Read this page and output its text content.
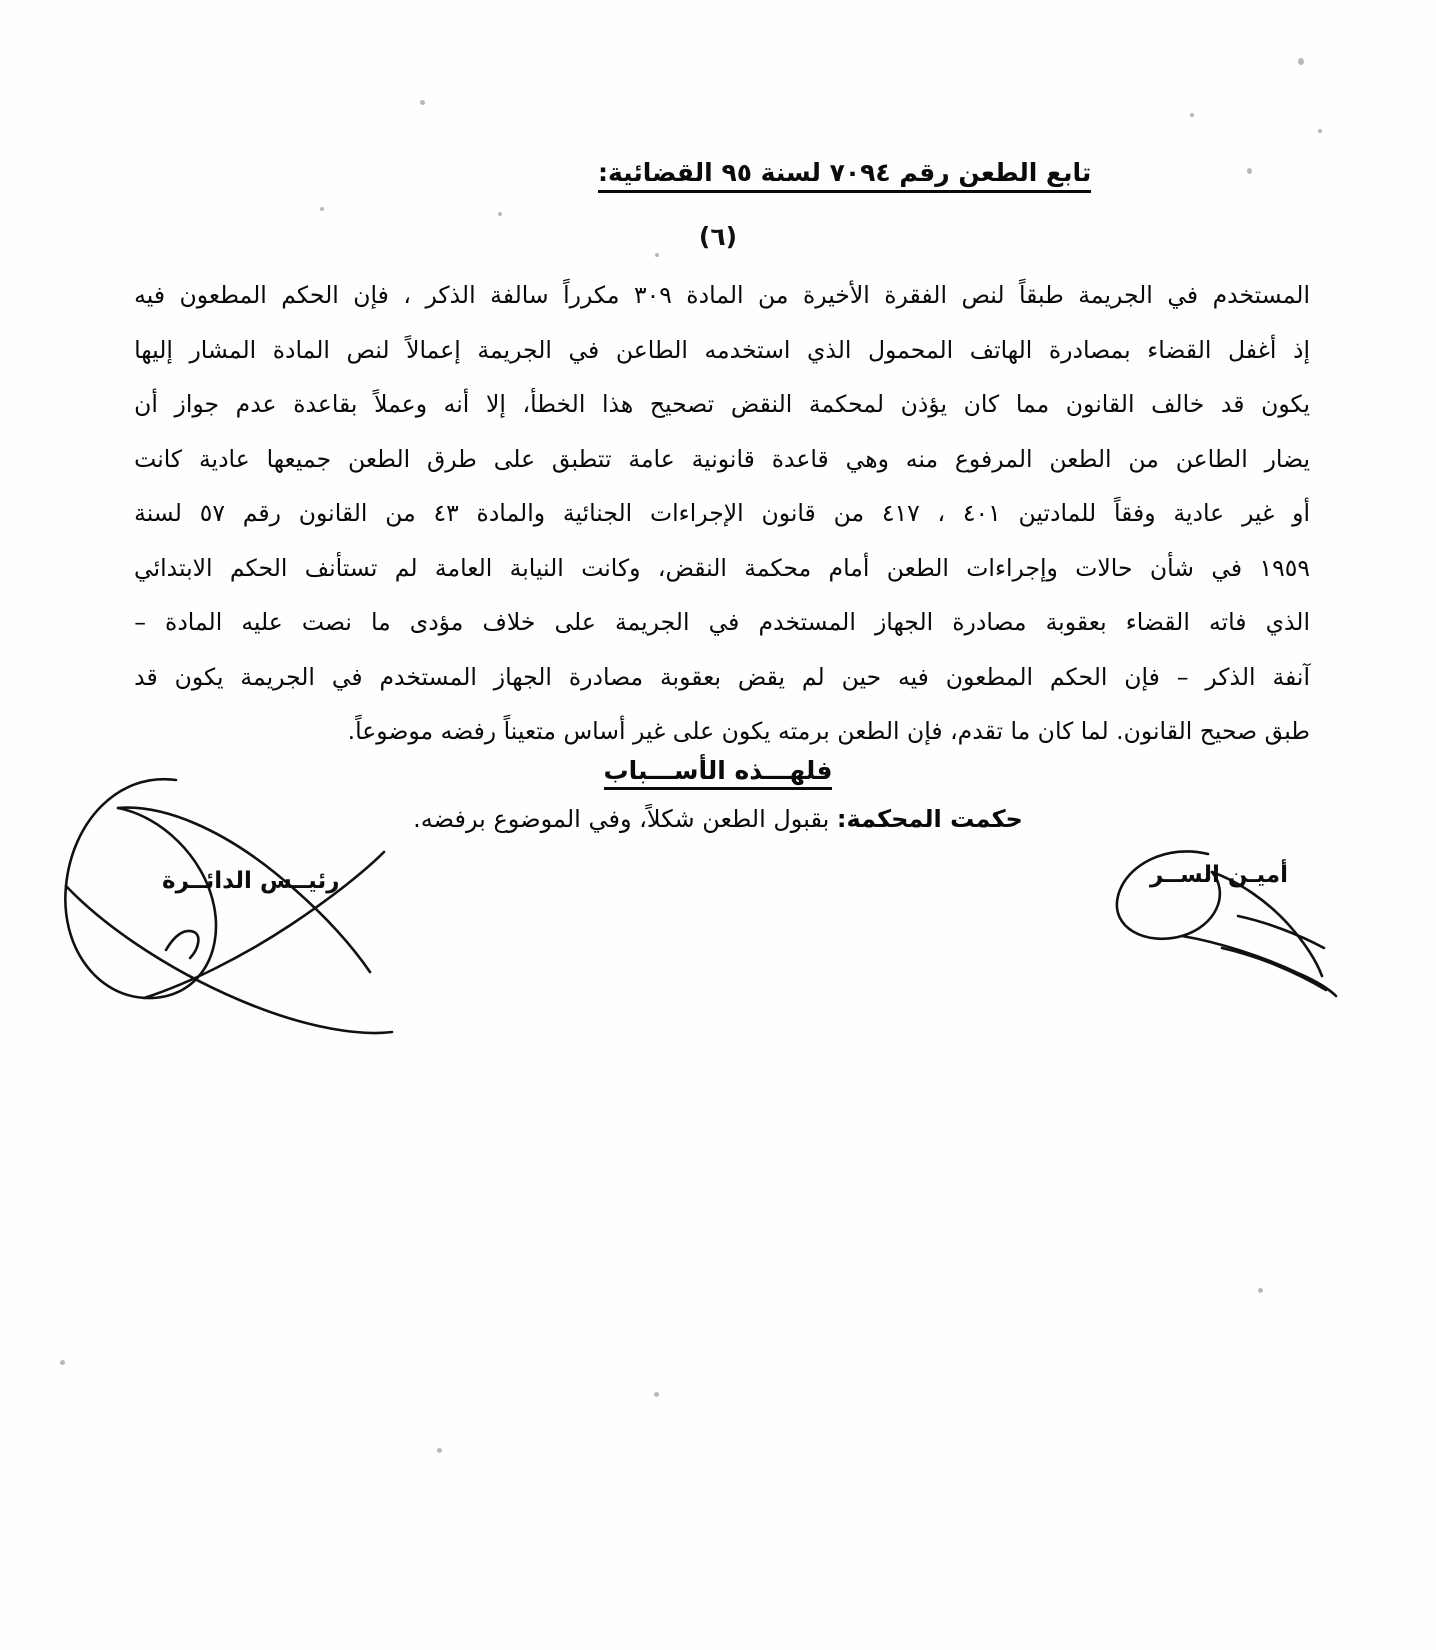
تابع الطعن رقم ٧٠٩٤ لسنة ٩٥ القضائية:
(٦)
المستخدم
في
الجريمة
طبقاً
لنص
الفقرة
الأخيرة
من
المادة
٣٠٩
مكرراً
سالفة
الذكر
،
فإن
الحكم
المطعون
فيه
إذ
أغفل
القضاء
بمصادرة
الهاتف
المحمول
الذي
استخدمه
الطاعن
في
الجريمة
إعمالاً
لنص
المادة
المشار
إليها
يكون
قد
خالف
القانون
مما
كان
يؤذن
لمحكمة
النقض
تصحيح
هذا
الخطأ،
إلا
أنه
وعملاً
بقاعدة
عدم
جواز
أن
يضار
الطاعن
من
الطعن
المرفوع
منه
وهي
قاعدة
قانونية
عامة
تتطبق
على
طرق
الطعن
جميعها
عادية
كانت
أو
غير
عادية
وفقاً
للمادتين
٤٠١
،
٤١٧
من
قانون
الإجراءات
الجنائية
والمادة
٤٣
من
القانون
رقم
٥٧
لسنة
١٩٥٩
في
شأن
حالات
وإجراءات
الطعن
أمام
محكمة
النقض،
وكانت
النيابة
العامة
لم
تستأنف
الحكم
الابتدائي
الذي
فاته
القضاء
بعقوبة
مصادرة
الجهاز
المستخدم
في
الجريمة
على
خلاف
مؤدى
ما
نصت
عليه
المادة
–
آنفة
الذكر
–
فإن
الحكم
المطعون
فيه
حين
لم
يقض
بعقوبة
مصادرة
الجهاز
المستخدم
في
الجريمة
يكون
قد
طبق صحيح القانون. لما كان ما تقدم، فإن الطعن برمته يكون على غير أساس متعيناً رفضه موضوعاً.
فلهـــذه الأســـباب
حكمت المحكمة: بقبول الطعن شكلاً، وفي الموضوع برفضه.
رئيــس الدائــرة	أميـن الســر
